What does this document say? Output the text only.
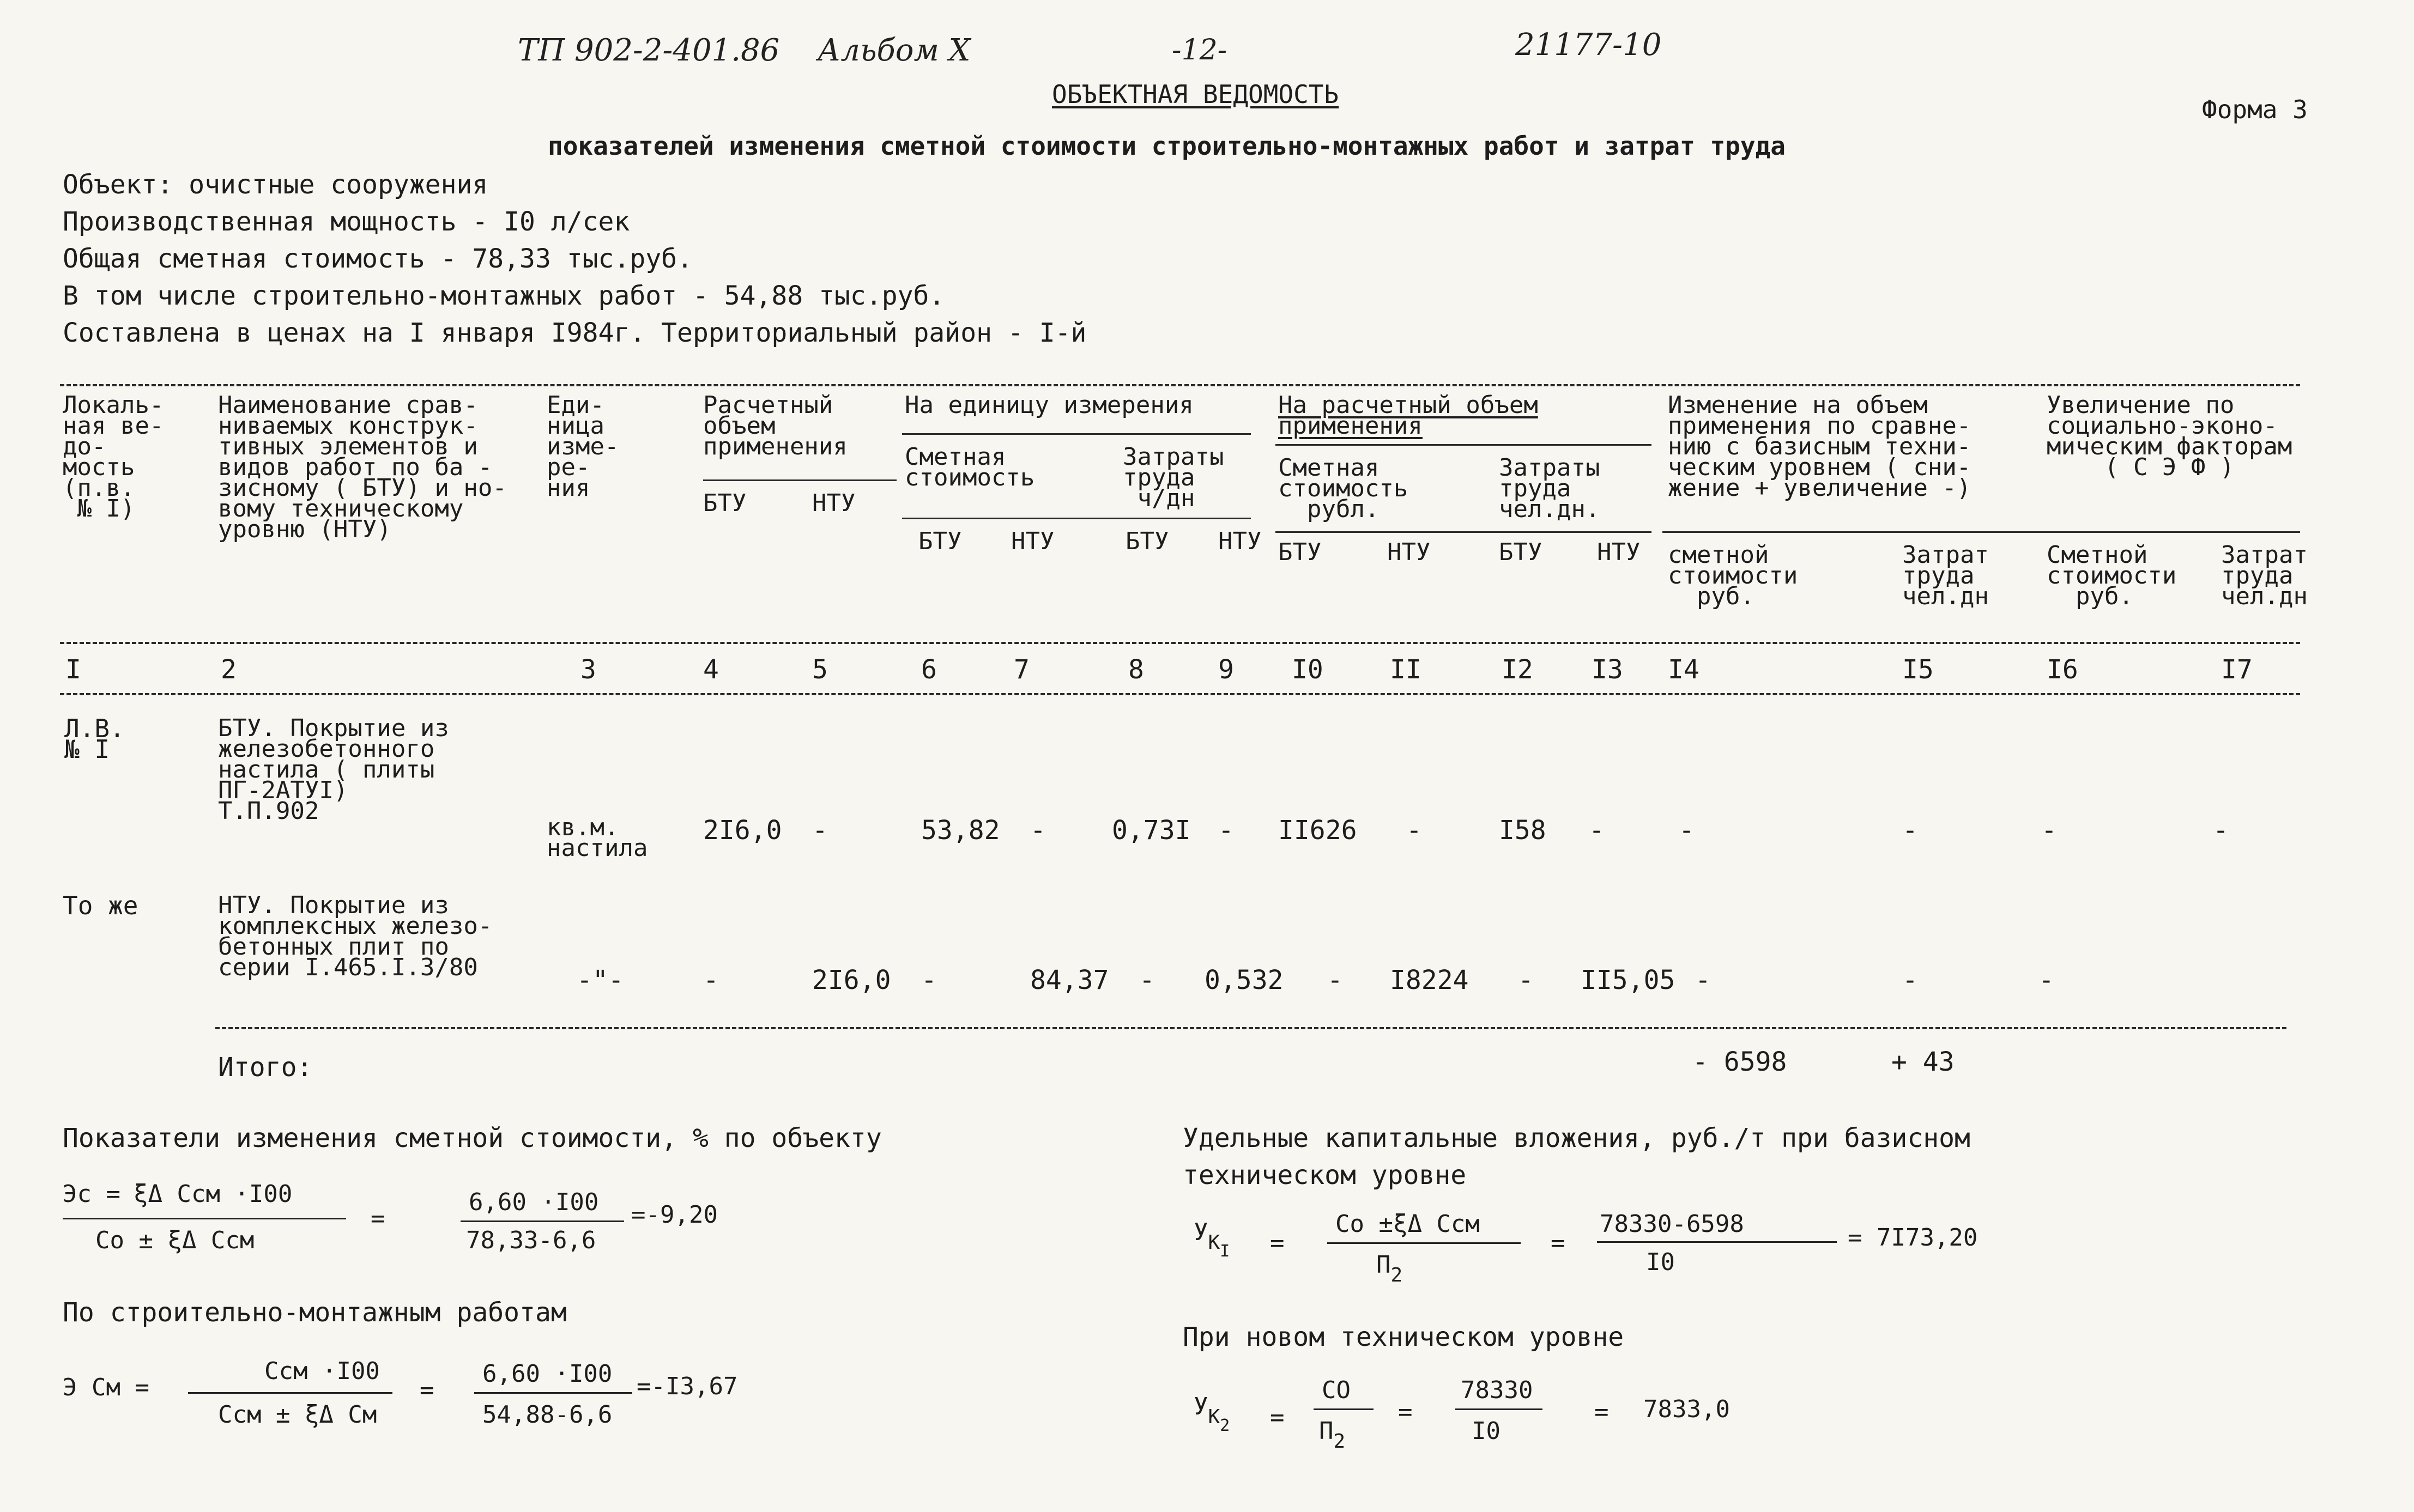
ТП 902-2-401.86 Альбом X	-12-	21177-10
ОБЪЕКТНАЯ ВЕДОМОСТЬ
Форма 3
показателей изменения сметной стоимости строительно-монтажных работ и затрат труда
Объект: очистные сооружения
Производственная мощность - I0 л/сек
Общая сметная стоимость - 78,33 тыс.руб.
В том числе строительно-монтажных работ - 54,88 тыс.руб.
Составлена в ценах на I января I984г. Территориальный район - I-й
Локаль-
ная ве-
до-
мость
(п.в.
№ I)
Наименование срав-
ниваемых конструк-
тивных элементов и
видов работ по ба -
зисному ( БТУ) и но-
вому техническому
уровню (НТУ)
Еди-
ница
изме-
ре-
ния
Расчетный
объем
применения
БТУ	НТУ
На единицу измерения
Сметная
стоимость
Затраты
труда
ч/дн
БТУ НТУ	БТУ НТУ
На расчетный объем
применения
Сметная
стоимость
рубл.
Затраты
труда
чел.дн.
БТУ	НТУ	БТУ НТУ
Изменение на объем
применения по сравне-
нию с базисным техни-
ческим уровнем ( сни-
жение + увеличение -)
сметной
стоимости
руб.
Затрат
труда
чел.дн
Увеличение по
социально-эконо-
мическим факторам
( С Э Ф )
Сметной
стоимости
руб.
Затрат
труда
чел.дн
I	2	3	4	5	6	7	8	9 I0	II	I2 I3 I4	I5	I6	I7
Л.В.
№ I
БТУ. Покрытие из
железобетонного
настила ( плиты
ПГ-2АТУI)
Т.П.902
кв.м.
настила
2I6,0 -	53,82 -	0,73I - II626 -	I58 -	-	-	-	-
То же	НТУ. Покрытие из
комплексных железо-
бетонных плит по
серии I.465.I.3/80	-"-	-	2I6,0 -	84,37 - 0,532 - I8224 - II5,05 -	-	-
Итого:	- 6598	+ 43
Показатели изменения сметной стоимости, % по объекту
Эс = ξΔ Ссм ·I00
Со ± ξΔ Ссм
=
6,60 ·I00
78,33-6,6
=-9,20
По строительно-монтажным работам
Э См =
Ссм ·I00
Ссм ± ξΔ См
=
6,60 ·I00
54,88-6,6
=-I3,67
Удельные капитальные вложения, руб./т при базисном
техническом уровне
$У_{КI}$ =
Со ±ξΔ Ссм
$П_2$
=
78330-6598
I0
= 7I73,20
При новом техническом уровне
$У_{К2}$ =
СО
$П_2$
=
78330
I0
= 7833,0
